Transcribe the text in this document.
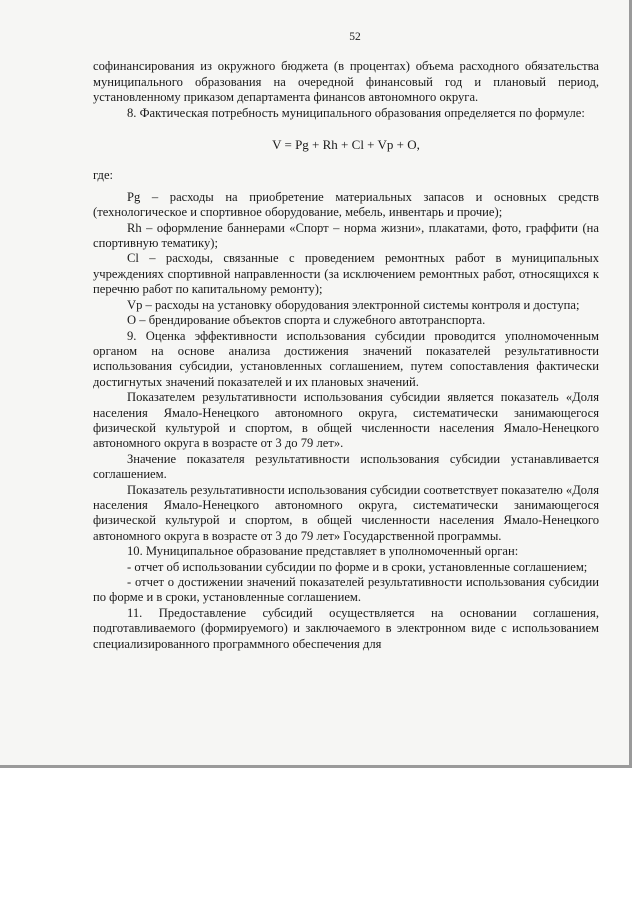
52

софинансирования из окружного бюджета (в процентах) объема расходного обязательства муниципального образования на очередной финансовый год и плановый период, установленному приказом департамента финансов автономного округа.

8. Фактическая потребность муниципального образования определяется по формуле:

V = Pg + Rh + Cl + Vp + O,

где:

Pg – расходы на приобретение материальных запасов и основных средств (технологическое и спортивное оборудование, мебель, инвентарь и прочие);

Rh – оформление баннерами «Спорт – норма жизни», плакатами, фото, граффити (на спортивную тематику);

Cl – расходы, связанные с проведением ремонтных работ в муниципальных учреждениях спортивной направленности (за исключением ремонтных работ, относящихся к перечню работ по капитальному ремонту);

Vp – расходы на установку оборудования электронной системы контроля и доступа;

O – брендирование объектов спорта и служебного автотранспорта.

9. Оценка эффективности использования субсидии проводится уполномоченным органом на основе анализа достижения значений показателей результативности использования субсидии, установленных соглашением, путем сопоставления фактически достигнутых значений показателей и их плановых значений.

Показателем результативности использования субсидии является показатель «Доля населения Ямало-Ненецкого автономного округа, систематически занимающегося физической культурой и спортом, в общей численности населения Ямало-Ненецкого автономного округа в возрасте от 3 до 79 лет».

Значение показателя результативности использования субсидии устанавливается соглашением.

Показатель результативности использования субсидии соответствует показателю «Доля населения Ямало-Ненецкого автономного округа, систематически занимающегося физической культурой и спортом, в общей численности населения Ямало-Ненецкого автономного округа в возрасте от 3 до 79 лет» Государственной программы.

10. Муниципальное образование представляет в уполномоченный орган:

- отчет об использовании субсидии по форме и в сроки, установленные соглашением;

- отчет о достижении значений показателей результативности использования субсидии по форме и в сроки, установленные соглашением.

11. Предоставление субсидий осуществляется на основании соглашения, подготавливаемого (формируемого) и заключаемого в электронном виде с использованием специализированного программного обеспечения для
